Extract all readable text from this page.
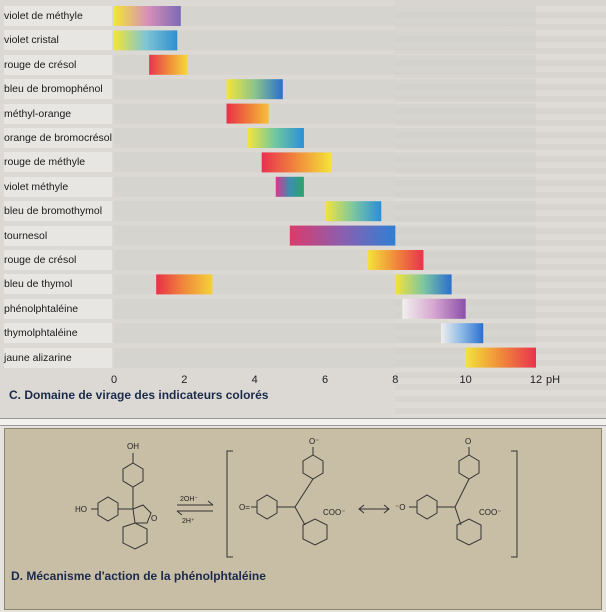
violet de méthyle
violet cristal
rouge de crésol
bleu de bromophénol
méthyl-orange
orange de bromocrésol
rouge de méthyle
violet méthyle
bleu de bromothymol
tournesol
rouge de crésol
bleu de thymol
phénolphtaléine
thymolphtaléine
jaune alizarine
0	2	4	6	8	10	12 pH
C. Domaine de virage des indicateurs colorés
OH
HO
O
2OH⁻
2H⁺
O=
O⁻
COO⁻
⁻O
O
COO⁻
D. Mécanisme d'action de la phénolphtaléine
